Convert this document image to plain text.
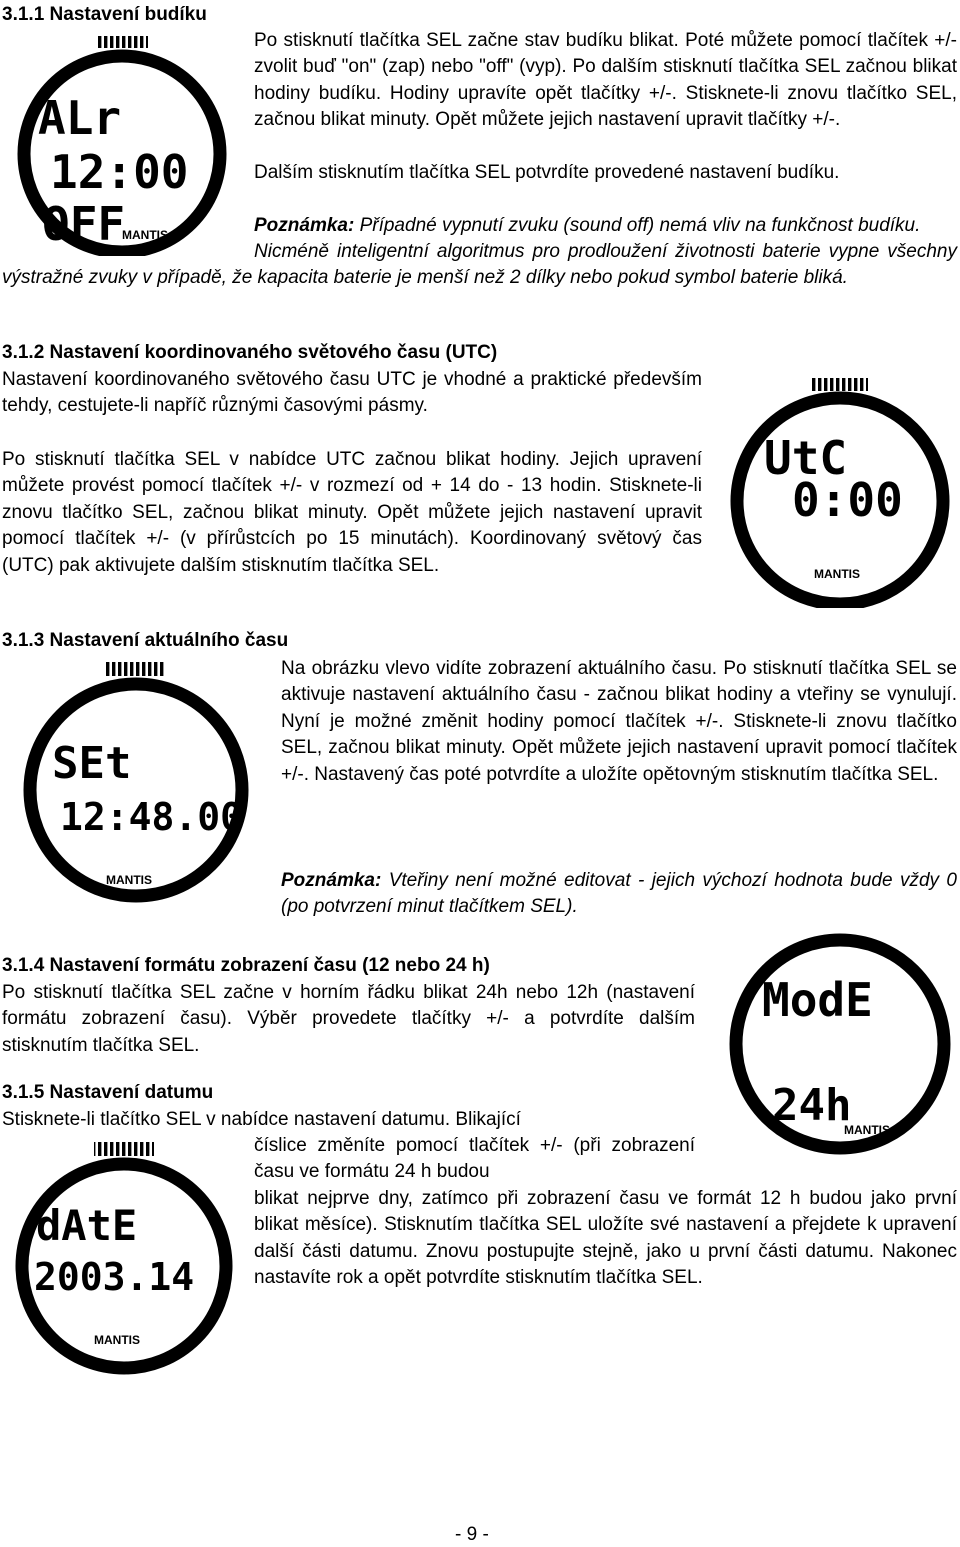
3.1.1 Nastavení budíku
ALr
12:00
OFF
MANTIS
Po stisknutí tlačítka SEL začne stav budíku blikat. Poté můžete pomocí tlačítek +/- zvolit buď "on" (zap) nebo "off" (vyp). Po dalším stisknutí tlačítka SEL začnou blikat hodiny budíku. Hodiny upravíte opět tlačítky +/-. Stisknete-li znovu tlačítko SEL, začnou blikat minuty. Opět můžete jejich nastavení upravit tlačítky +/-.
Dalším stisknutím tlačítka SEL potvrdíte provedené nastavení budíku.
Poznámka: Případné vypnutí zvuku (sound off) nemá vliv na funkčnost budíku.
Nicméně inteligentní algoritmus pro prodloužení životnosti baterie vypne všechny výstražné zvuky v případě, že kapacita baterie je menší než 2 dílky nebo pokud symbol baterie bliká.
3.1.2 Nastavení koordinovaného světového času (UTC)
Nastavení koordinovaného světového času UTC je vhodné a praktické především tehdy, cestujete-li napříč různými časovými pásmy.
Po stisknutí tlačítka SEL v nabídce UTC začnou blikat hodiny. Jejich upravení můžete provést pomocí tlačítek +/- v rozmezí od + 14 do - 13 hodin. Stisknete-li znovu tlačítko SEL, začnou blikat minuty. Opět můžete jejich nastavení upravit pomocí tlačítek +/- (v přírůstcích po 15 minutách). Koordinovaný světový čas (UTC) pak aktivujete dalším stisknutím tlačítka SEL.
UtC
0:00
MANTIS
3.1.3 Nastavení aktuálního času
SEt
12:48.00
MANTIS
Na obrázku vlevo vidíte zobrazení aktuálního času. Po stisknutí tlačítka SEL se aktivuje nastavení aktuálního času - začnou blikat hodiny a vteřiny se vynulují. Nyní je možné změnit hodiny pomocí tlačítek +/-. Stisknete-li znovu tlačítko SEL, začnou blikat minuty. Opět můžete jejich nastavení upravit pomocí tlačítek +/-. Nastavený čas poté potvrdíte a uložíte opětovným stisknutím tlačítka SEL.
Poznámka: Vteřiny není možné editovat - jejich výchozí hodnota bude vždy 0 (po potvrzení minut tlačítkem SEL).
3.1.4 Nastavení formátu zobrazení času (12 nebo 24 h)
Po stisknutí tlačítka SEL začne v horním řádku blikat 24h nebo 12h (nastavení formátu zobrazení času). Výběr provedete tlačítky +/- a potvrdíte dalším stisknutím tlačítka SEL.
ModE
24h
MANTIS
3.1.5 Nastavení datumu
Stisknete-li tlačítko SEL v nabídce nastavení datumu. Blikající
číslice změníte pomocí tlačítek +/- (při zobrazení času ve formátu 24 h budou
blikat nejprve dny, zatímco při zobrazení času ve formát 12 h budou jako první blikat měsíce). Stisknutím tlačítka SEL uložíte své nastavení a přejdete k upravení další části datumu. Znovu postupujte stejně, jako u první části datumu. Nakonec nastavíte rok a opět potvrdíte stisknutím tlačítka SEL.
dAtE
2003.14
MANTIS
- 9 -
